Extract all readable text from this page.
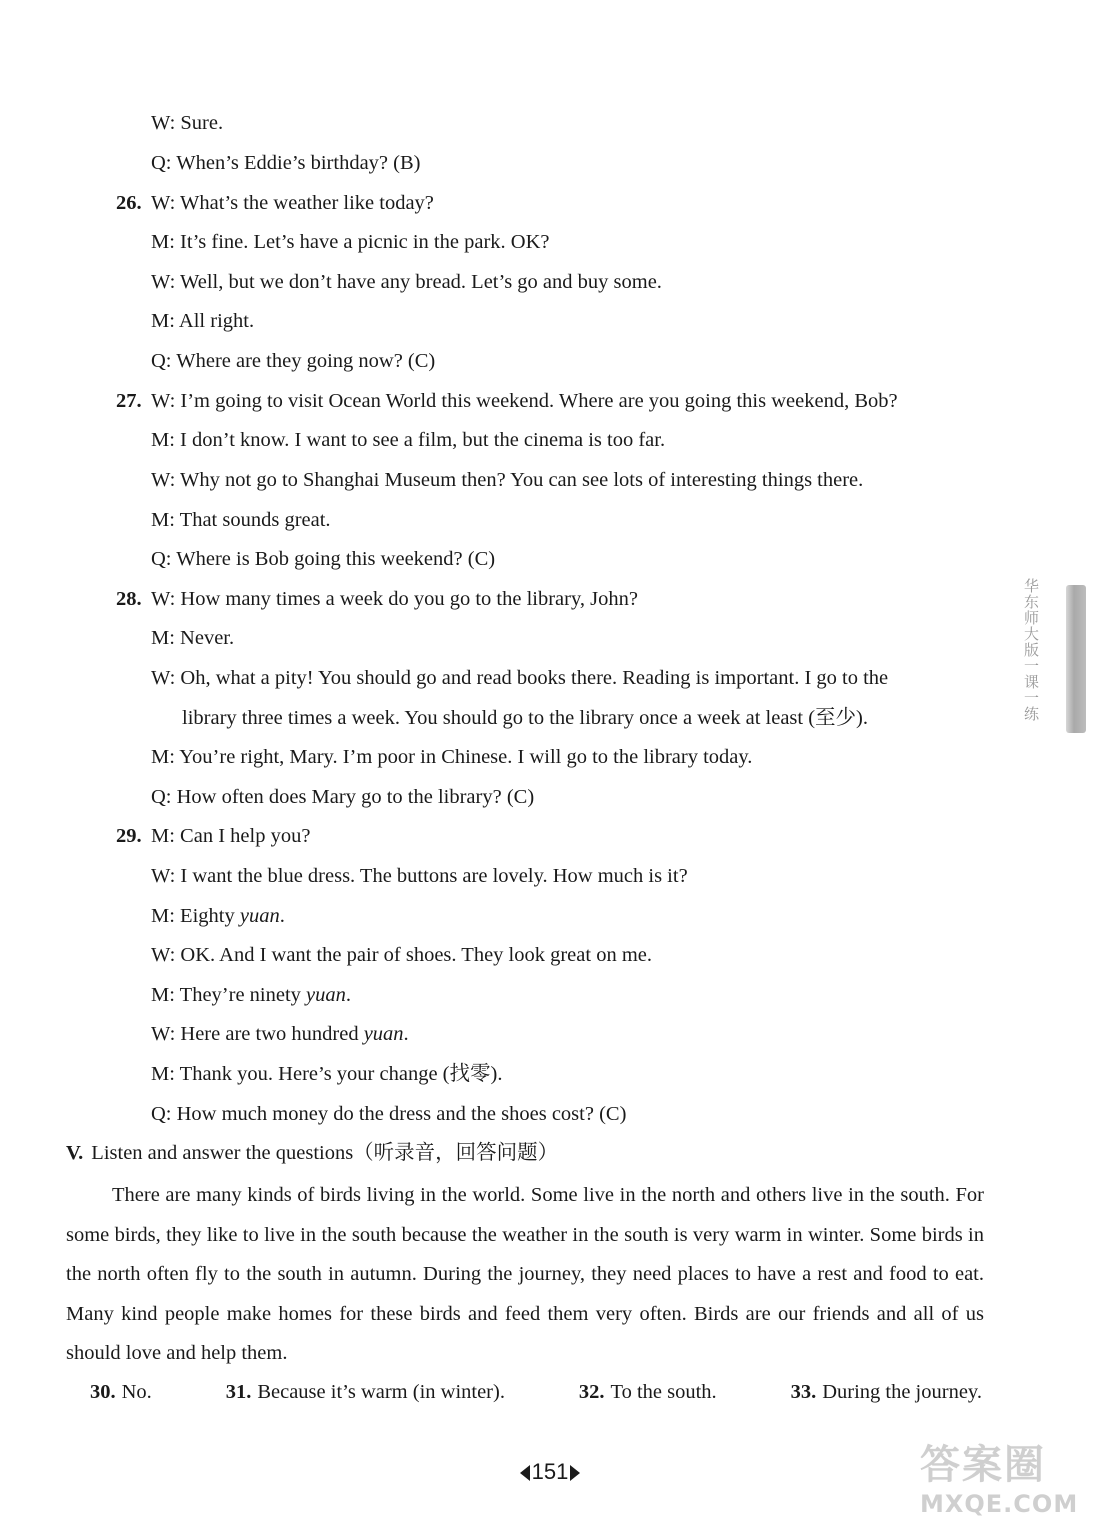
W: Sure.
Q: When’s Eddie’s birthday? (B)
26. W: What’s the weather like today?
M: It’s fine. Let’s have a picnic in the park. OK?
W: Well, but we don’t have any bread. Let’s go and buy some.
M: All right.
Q: Where are they going now? (C)
27. W: I’m going to visit Ocean World this weekend. Where are you going this weekend, Bob?
M: I don’t know. I want to see a film, but the cinema is too far.
W: Why not go to Shanghai Museum then? You can see lots of interesting things there.
M: That sounds great.
Q: Where is Bob going this weekend? (C)
28. W: How many times a week do you go to the library, John?
M: Never.
W: Oh, what a pity! You should go and read books there. Reading is important. I go to the
library three times a week. You should go to the library once a week at least (至少).
M: You’re right, Mary. I’m poor in Chinese. I will go to the library today.
Q: How often does Mary go to the library? (C)
29. M: Can I help you?
W: I want the blue dress. The buttons are lovely. How much is it?
M: Eighty yuan.
W: OK. And I want the pair of shoes. They look great on me.
M: They’re ninety yuan.
W: Here are two hundred yuan.
M: Thank you. Here’s your change (找零).
Q: How much money do the dress and the shoes cost? (C)
V. Listen and answer the questions（听录音，回答问题）
There are many kinds of birds living in the world. Some live in the north and others live in the south. For some birds, they like to live in the south because the weather in the south is very warm in winter. Some birds in the north often fly to the south in autumn. During the journey, they need places to have a rest and food to eat. Many kind people make homes for these birds and feed them very often. Birds are our friends and all of us should love and help them.
30. No.	31. Because it’s warm (in winter).	32. To the south.	33. During the journey.
151
华东师大版一课一练
答案圈
MXQE.COM
